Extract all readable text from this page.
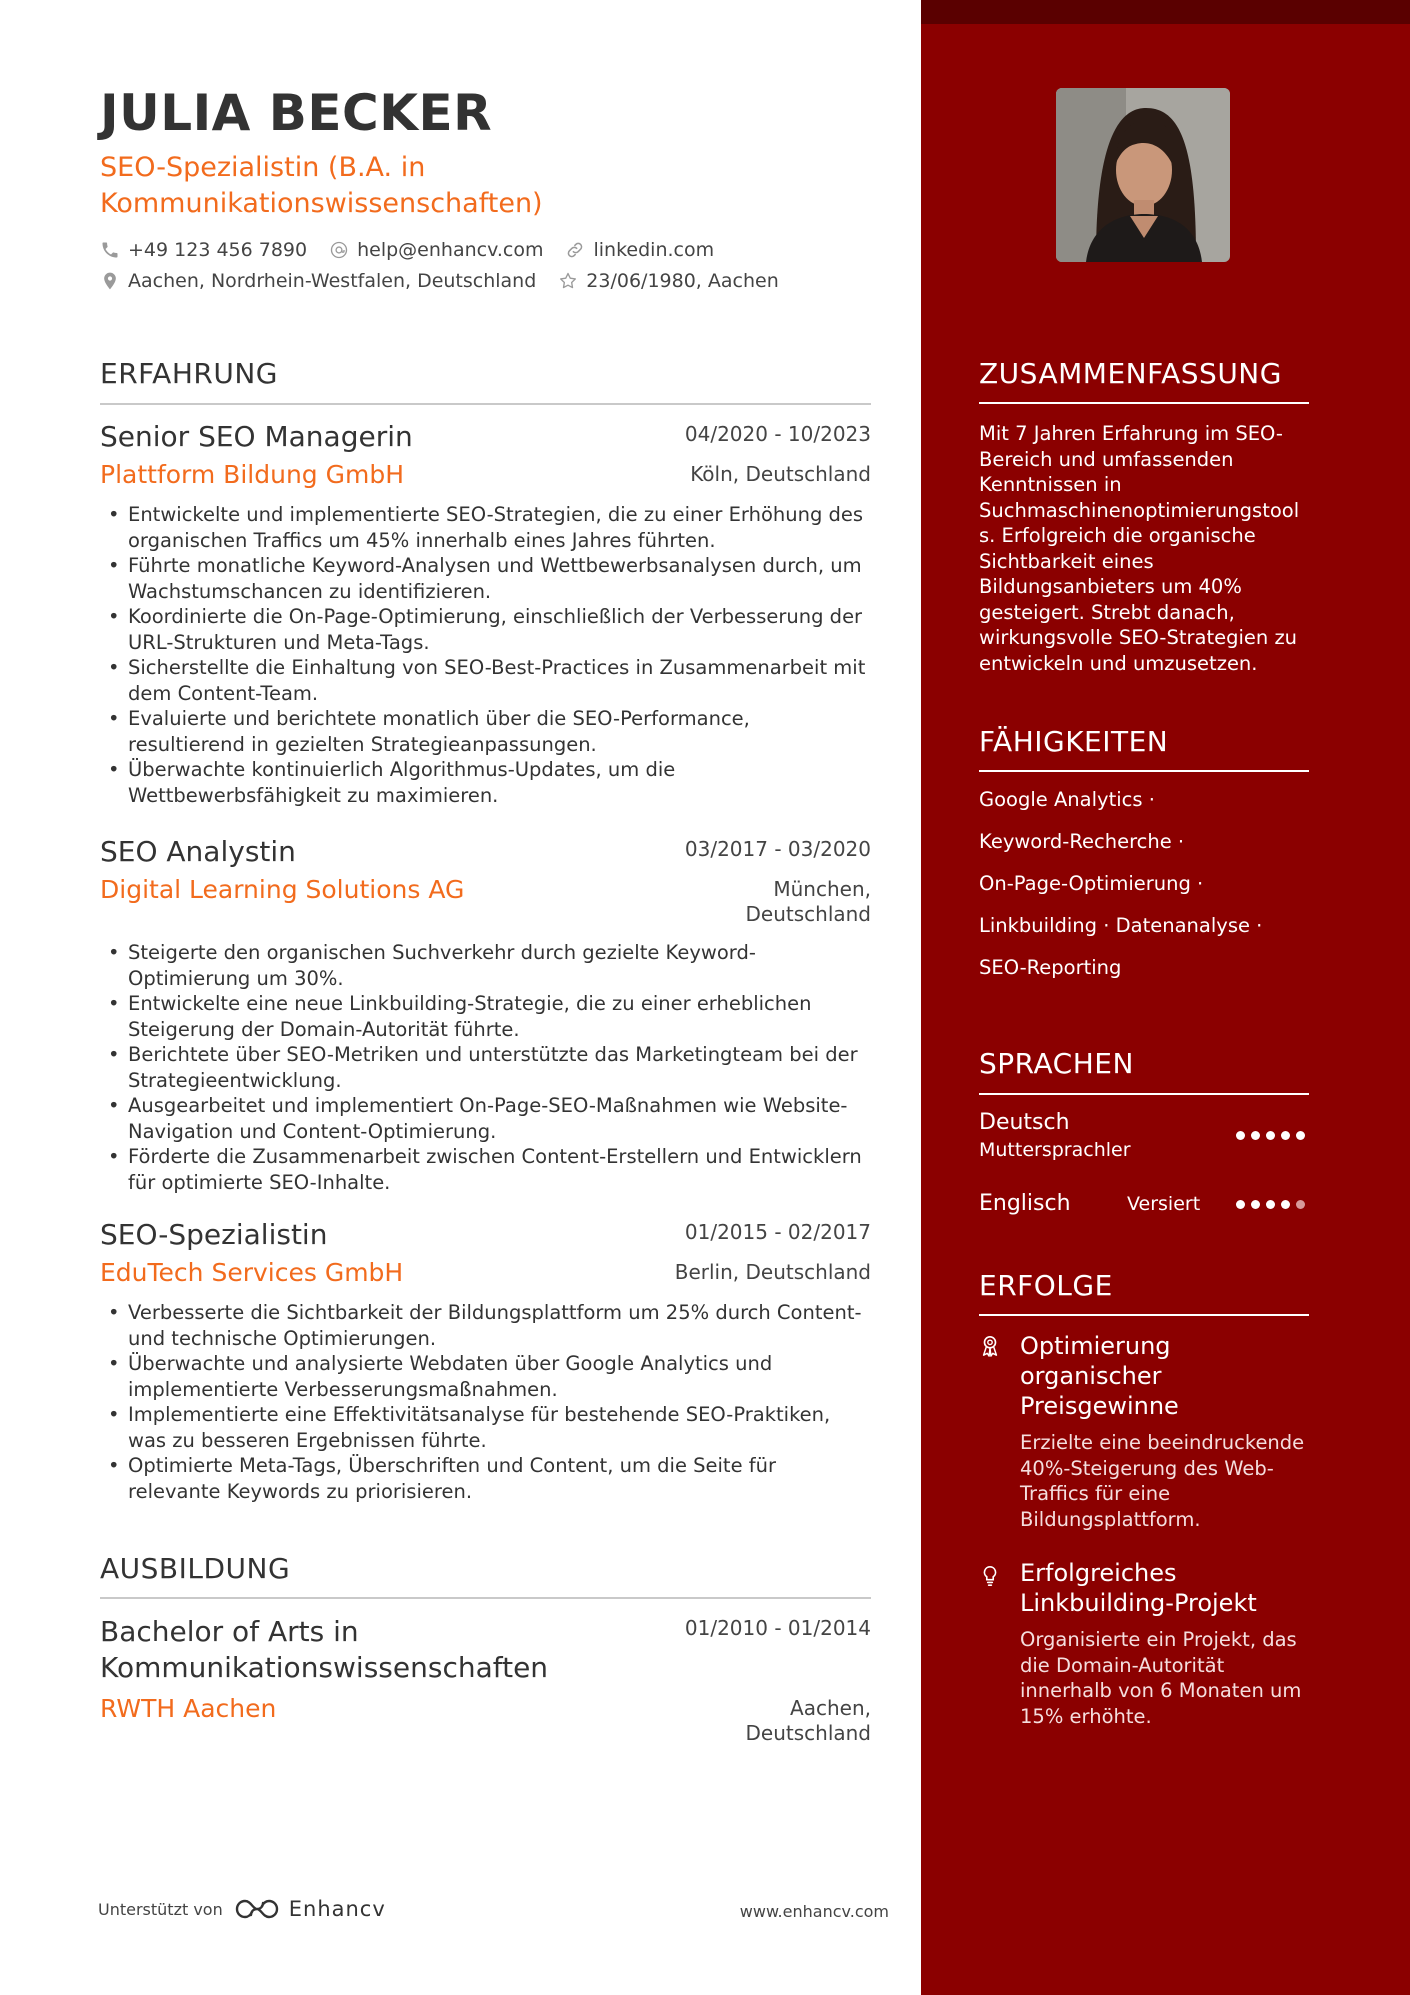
JULIA BECKER
SEO-Spezialistin (B.A. in Kommunikationswissenschaften)
+49 123 456 7890	help@enhancv.com	linkedin.com
Aachen, Nordrhein-Westfalen, Deutschland	23/06/1980, Aachen
ERFAHRUNG
Senior SEO Managerin	04/2020 - 10/2023
Plattform Bildung GmbH	Köln, Deutschland
• Entwickelte und implementierte SEO-Strategien, die zu einer Erhöhung des organischen Traffics um 45% innerhalb eines Jahres führten.
• Führte monatliche Keyword-Analysen und Wettbewerbsanalysen durch, um Wachstumschancen zu identifizieren.
• Koordinierte die On-Page-Optimierung, einschließlich der Verbesserung der URL-Strukturen und Meta-Tags.
• Sicherstellte die Einhaltung von SEO-Best-Practices in Zusammenarbeit mit dem Content-Team.
• Evaluierte und berichtete monatlich über die SEO-Performance, resultierend in gezielten Strategieanpassungen.
• Überwachte kontinuierlich Algorithmus-Updates, um die Wettbewerbsfähigkeit zu maximieren.
SEO Analystin	03/2017 - 03/2020
Digital Learning Solutions AG	München,
Deutschland
• Steigerte den organischen Suchverkehr durch gezielte Keyword-Optimierung um 30%.
• Entwickelte eine neue Linkbuilding-Strategie, die zu einer erheblichen Steigerung der Domain-Autorität führte.
• Berichtete über SEO-Metriken und unterstützte das Marketingteam bei der Strategieentwicklung.
• Ausgearbeitet und implementiert On-Page-SEO-Maßnahmen wie Website-Navigation und Content-Optimierung.
• Förderte die Zusammenarbeit zwischen Content-Erstellern und Entwicklern für optimierte SEO-Inhalte.
SEO-Spezialistin	01/2015 - 02/2017
EduTech Services GmbH	Berlin, Deutschland
• Verbesserte die Sichtbarkeit der Bildungsplattform um 25% durch Content- und technische Optimierungen.
• Überwachte und analysierte Webdaten über Google Analytics und implementierte Verbesserungsmaßnahmen.
• Implementierte eine Effektivitätsanalyse für bestehende SEO-Praktiken, was zu besseren Ergebnissen führte.
• Optimierte Meta-Tags, Überschriften und Content, um die Seite für relevante Keywords zu priorisieren.
AUSBILDUNG
Bachelor of Arts in
Kommunikationswissenschaften
01/2010 - 01/2014
RWTH Aachen	Aachen,
Deutschland
Unterstützt von	Enhancv	www.enhancv.com
ZUSAMMENFASSUNG
Mit 7 Jahren Erfahrung im SEO-
Bereich und umfassenden
Kenntnissen in
Suchmaschinenoptimierungstool
s. Erfolgreich die organische
Sichtbarkeit eines
Bildungsanbieters um 40%
gesteigert. Strebt danach,
wirkungsvolle SEO-Strategien zu
entwickeln und umzusetzen.
FÄHIGKEITEN
Google Analytics ·
Keyword-Recherche ·
On-Page-Optimierung ·
Linkbuilding · Datenanalyse ·
SEO-Reporting
SPRACHEN
Deutsch
Muttersprachler
Englisch	Versiert
ERFOLGE
Optimierung organischer Preisgewinne
Erzielte eine beeindruckende 40%-Steigerung des Web-Traffics für eine Bildungsplattform.
Erfolgreiches Linkbuilding-Projekt
Organisierte ein Projekt, das die Domain-Autorität innerhalb von 6 Monaten um 15% erhöhte.
